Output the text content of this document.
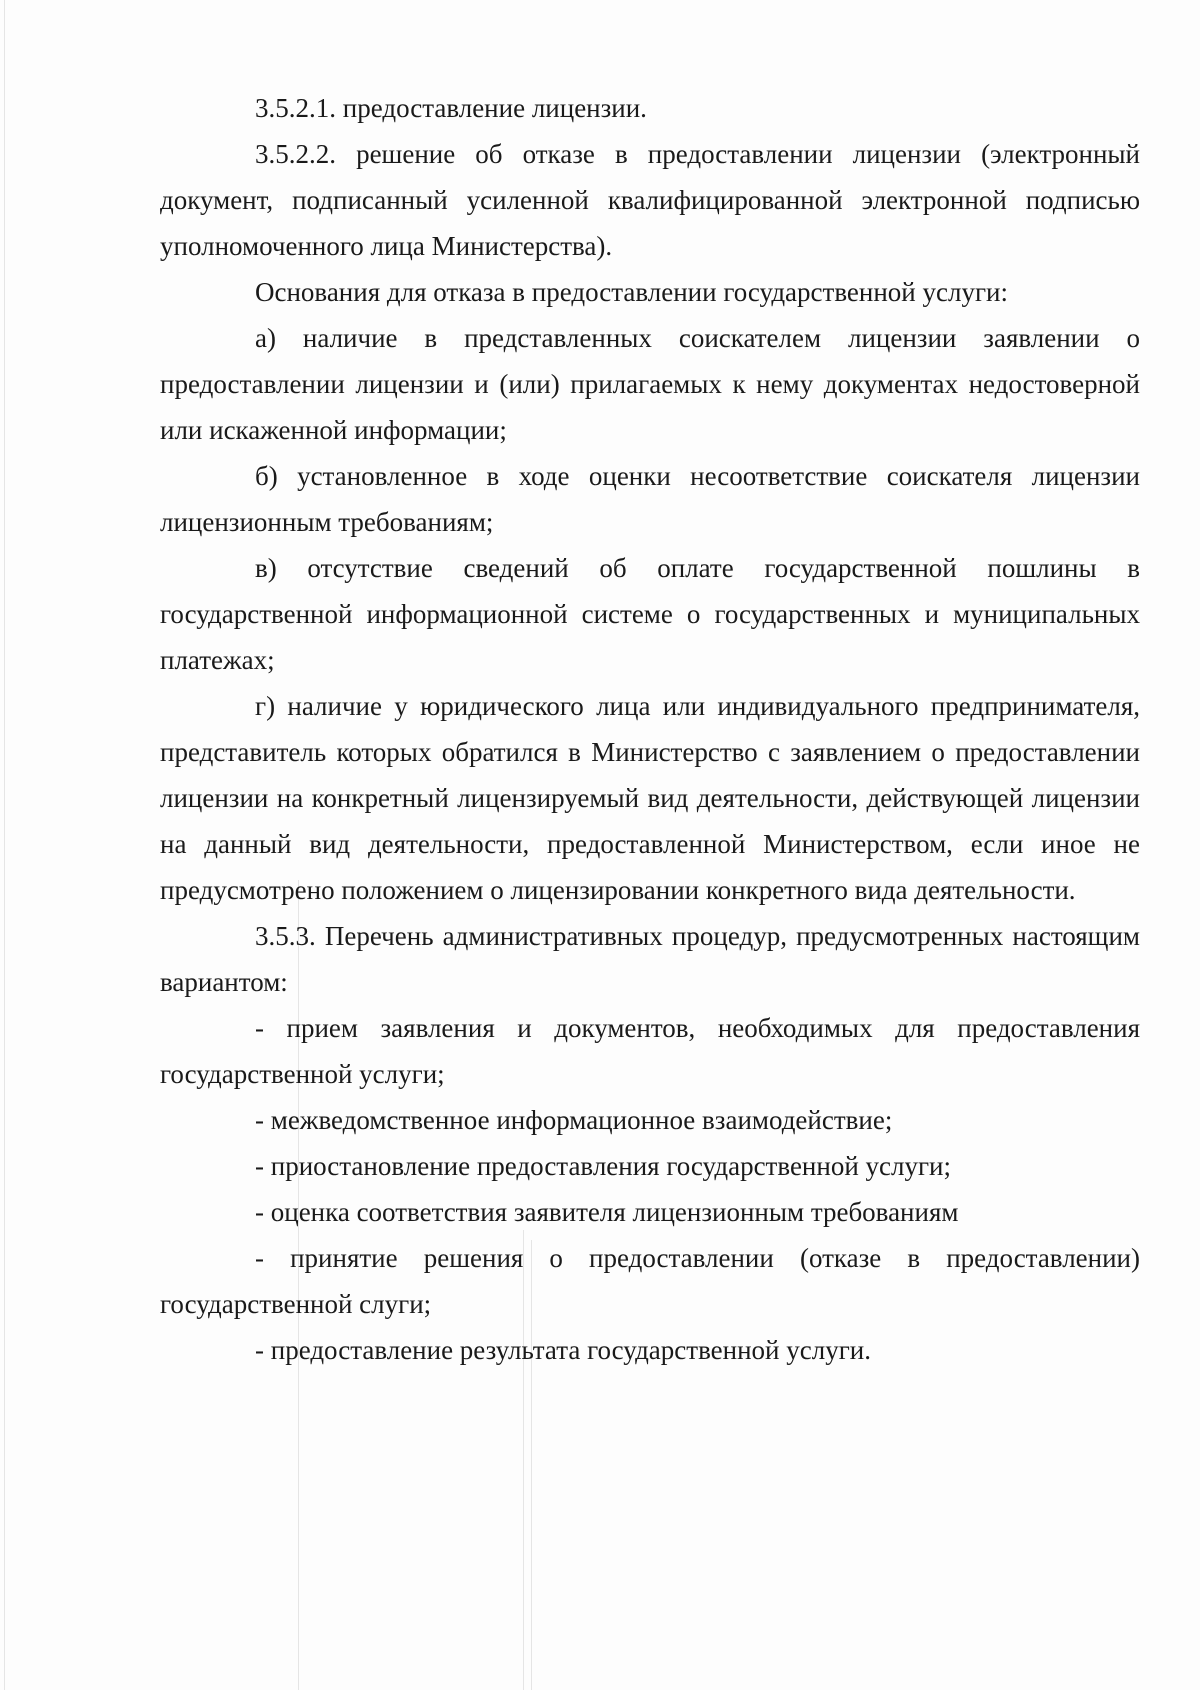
3.5.2.1. предоставление лицензии.

3.5.2.2. решение об отказе в предоставлении лицензии (электронный документ, подписанный усиленной квалифицированной электронной подписью уполномоченного лица Министерства).

Основания для отказа в предоставлении государственной услуги:

а) наличие в представленных соискателем лицензии заявлении о предоставлении лицензии и (или) прилагаемых к нему документах недостоверной или искаженной информации;

б) установленное в ходе оценки несоответствие соискателя лицензии лицензионным требованиям;

в) отсутствие сведений об оплате государственной пошлины в государственной информационной системе о государственных и муниципальных платежах;

г) наличие у юридического лица или индивидуального предпринимателя, представитель которых обратился в Министерство с заявлением о предоставлении лицензии на конкретный лицензируемый вид деятельности, действующей лицензии на данный вид деятельности, предоставленной Министерством, если иное не предусмотрено положением о лицензировании конкретного вида деятельности.

3.5.3. Перечень административных процедур, предусмотренных настоящим вариантом:

- прием заявления и документов, необходимых для предоставления государственной услуги;

- межведомственное информационное взаимодействие;

- приостановление предоставления государственной услуги;

- оценка соответствия заявителя лицензионным требованиям

- принятие решения о предоставлении (отказе в предоставлении) государственной слуги;

- предоставление результата государственной услуги.
